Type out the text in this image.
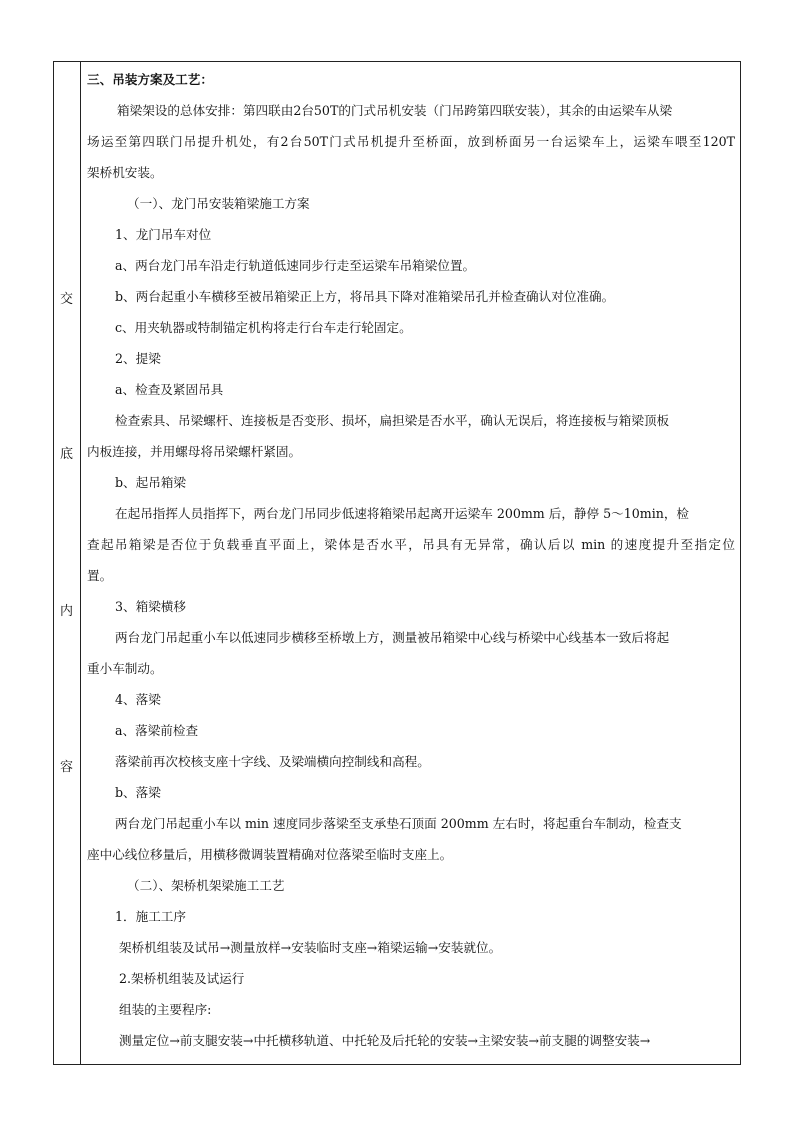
交
底
内
容
三、吊装方案及工艺：
箱梁架设的总体安排：第四联由2台50T的门式吊机安装（门吊跨第四联安装），其余的由运梁车从梁
场运至第四联门吊提升机处，有2台50T门式吊机提升至桥面，放到桥面另一台运梁车上，运梁车喂至120T
架桥机安装。
（一）、龙门吊安装箱梁施工方案
1、龙门吊车对位
a、两台龙门吊车沿走行轨道低速同步行走至运梁车吊箱梁位置。
b、两台起重小车横移至被吊箱梁正上方，将吊具下降对准箱梁吊孔并检查确认对位准确。
c、用夹轨器或特制锚定机构将走行台车走行轮固定。
2、提梁
a、检查及紧固吊具
检查索具、吊梁螺杆、连接板是否变形、损坏，扁担梁是否水平，确认无误后，将连接板与箱梁顶板
内板连接，并用螺母将吊梁螺杆紧固。
b、起吊箱梁
在起吊指挥人员指挥下，两台龙门吊同步低速将箱梁吊起离开运梁车 200mm 后，静停 5～10min，检
查起吊箱梁是否位于负载垂直平面上，梁体是否水平，吊具有无异常，确认后以 min 的速度提升至指定位
置。
3、箱梁横移
两台龙门吊起重小车以低速同步横移至桥墩上方，测量被吊箱梁中心线与桥梁中心线基本一致后将起
重小车制动。
4、落梁
a、落梁前检查
落梁前再次校核支座十字线、及梁端横向控制线和高程。
b、落梁
两台龙门吊起重小车以 min 速度同步落梁至支承垫石顶面 200mm 左右时，将起重台车制动，检查支
座中心线位移量后，用横移微调装置精确对位落梁至临时支座上。
（二）、架桥机架梁施工工艺
1．施工工序
架桥机组装及试吊→测量放样→安装临时支座→箱梁运输→安装就位。
2.架桥机组装及试运行
组装的主要程序:
测量定位→前支腿安装→中托横移轨道、中托轮及后托轮的安装→主梁安装→前支腿的调整安装→
